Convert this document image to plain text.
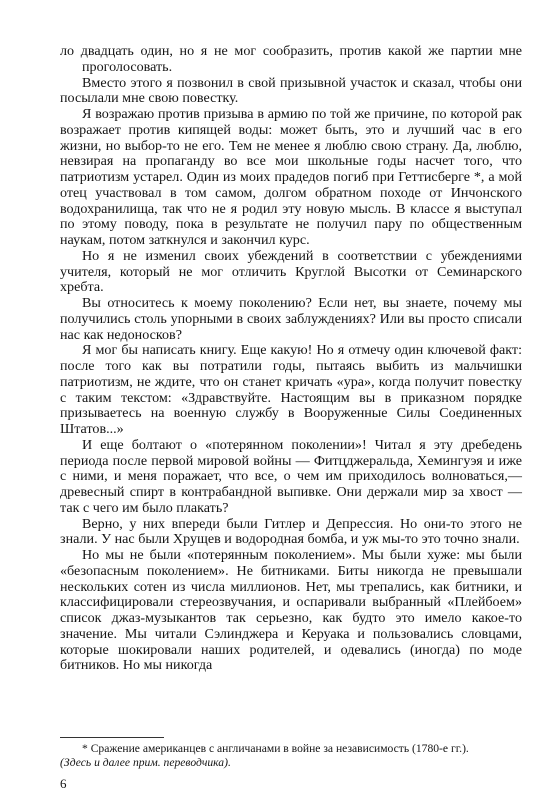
ло двадцать один, но я не мог сообразить, против какой же партии мне проголосовать.

Вместо этого я позвонил в свой призывной участок и сказал, чтобы они посылали мне свою повестку.

Я возражаю против призыва в армию по той же причине, по которой рак возражает против кипящей воды: может быть, это и лучший час в его жизни, но выбор-то не его. Тем не менее я люблю свою страну. Да, люблю, невзирая на пропаганду во все мои школьные годы насчет того, что патриотизм устарел. Один из моих прадедов погиб при Геттисберге *, а мой отец участвовал в том самом, долгом обратном походе от Инчонского водохранилища, так что не я родил эту новую мысль. В классе я выступал по этому поводу, пока в результате не получил пару по общественным наукам, потом заткнулся и закончил курс.

Но я не изменил своих убеждений в соответствии с убеждениями учителя, который не мог отличить Круглой Высотки от Семинарского хребта.

Вы относитесь к моему поколению? Если нет, вы знаете, почему мы получились столь упорными в своих заблуждениях? Или вы просто списали нас как недоносков?

Я мог бы написать книгу. Еще какую! Но я отмечу один ключевой факт: после того как вы потратили годы, пытаясь выбить из мальчишки патриотизм, не ждите, что он станет кричать «ура», когда получит повестку с таким текстом: «Здравствуйте. Настоящим вы в приказном порядке призываетесь на военную службу в Вооруженные Силы Соединенных Штатов...»

И еще болтают о «потерянном поколении»! Читал я эту дребедень периода после первой мировой войны — Фитцджеральда, Хемингуэя и иже с ними, и меня поражает, что все, о чем им приходилось волноваться,— древесный спирт в контрабандной выпивке. Они держали мир за хвост — так с чего им было плакать?

Верно, у них впереди были Гитлер и Депрессия. Но они-то этого не знали. У нас были Хрущев и водородная бомба, и уж мы-то это точно знали.

Но мы не были «потерянным поколением». Мы были хуже: мы были «безопасным поколением». Не битниками. Биты никогда не превышали нескольких сотен из числа миллионов. Нет, мы трепались, как битники, и классифицировали стереозвучания, и оспаривали выбранный «Плейбоем» список джаз-музыкантов так серьезно, как будто это имело какое-то значение. Мы читали Сэлинджера и Керуака и пользовались словцами, которые шокировали наших родителей, и одевались (иногда) по моде битников. Но мы никогда

* Сражение американцев с англичанами в войне за независимость (1780-е гг.).

(Здесь и далее прим. переводчика).

6
